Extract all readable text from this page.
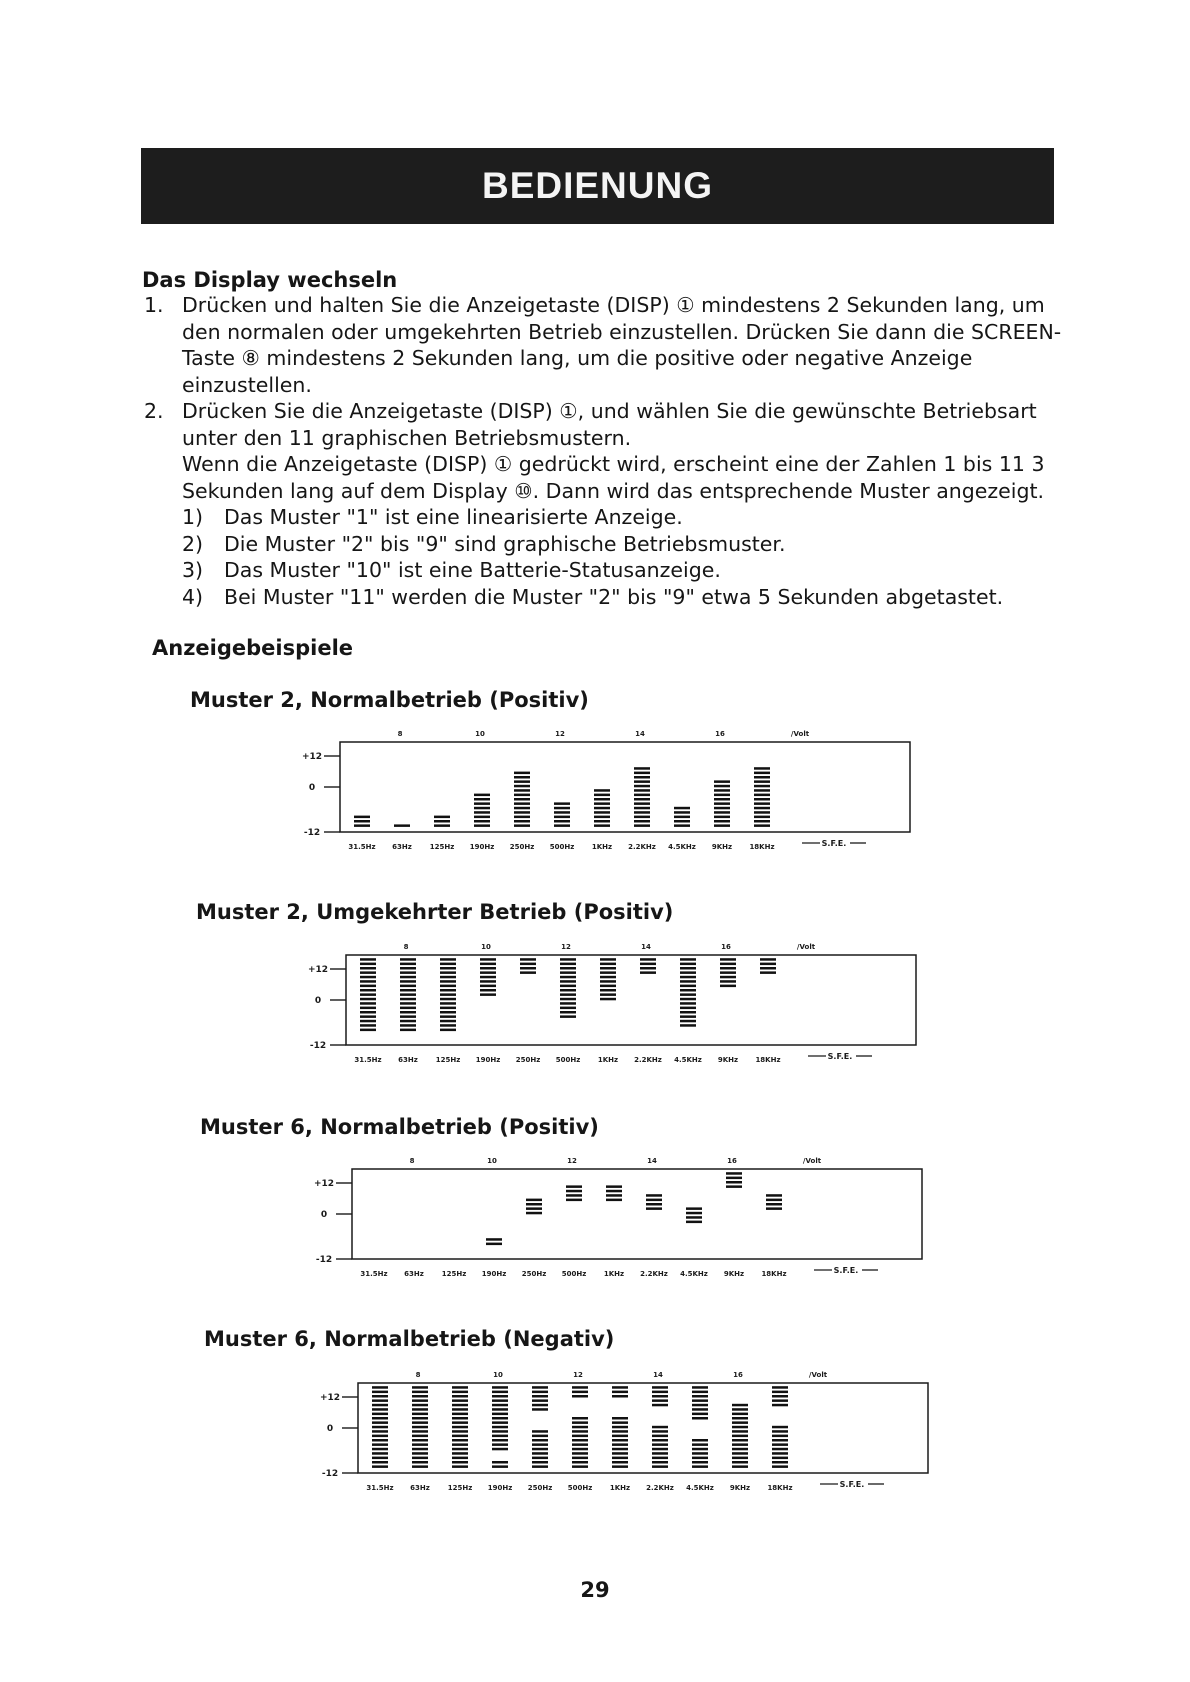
BEDIENUNG
Das Display wechseln
1. Drücken und halten Sie die Anzeigetaste (DISP) ① mindestens 2 Sekunden lang, um den normalen oder umgekehrten Betrieb einzustellen. Drücken Sie dann die SCREEN-Taste ⑧ mindestens 2 Sekunden lang, um die positive oder negative Anzeige einzustellen.
2. Drücken Sie die Anzeigetaste (DISP) ①, und wählen Sie die gewünschte Betriebsart unter den 11 graphischen Betriebsmustern.
Wenn die Anzeigetaste (DISP) ① gedrückt wird, erscheint eine der Zahlen 1 bis 11 3 Sekunden lang auf dem Display ⑩. Dann wird das entsprechende Muster angezeigt.
1) Das Muster "1" ist eine linearisierte Anzeige.
2) Die Muster "2" bis "9" sind graphische Betriebsmuster.
3) Das Muster "10" ist eine Batterie-Statusanzeige.
4) Bei Muster "11" werden die Muster "2" bis "9" etwa 5 Sekunden abgetastet.
Anzeigebeispiele
Muster 2, Normalbetrieb (Positiv)
8	10	12	14	16	/Volt
+12
0
-12
31.5Hz 63Hz	125Hz 190Hz 250Hz 500Hz	1KHz 2.2KHz 4.5KHz 9KHz 18KHz	S.F.E.
Muster 2, Umgekehrter Betrieb (Positiv)
8	10	12	14	16	/Volt
+12
0
-12
31.5Hz 63Hz	125Hz 190Hz 250Hz 500Hz	1KHz 2.2KHz 4.5KHz 9KHz 18KHz	S.F.E.
Muster 6, Normalbetrieb (Positiv)
8	10	12	14	16	/Volt
+12
0
-12
31.5Hz 63Hz	125Hz 190Hz 250Hz 500Hz	1KHz 2.2KHz 4.5KHz 9KHz 18KHz	S.F.E.
Muster 6, Normalbetrieb (Negativ)
8	10	12	14	16	/Volt
+12
0
-12
31.5Hz 63Hz	125Hz 190Hz 250Hz 500Hz	1KHz 2.2KHz 4.5KHz 9KHz 18KHz	S.F.E.
29
